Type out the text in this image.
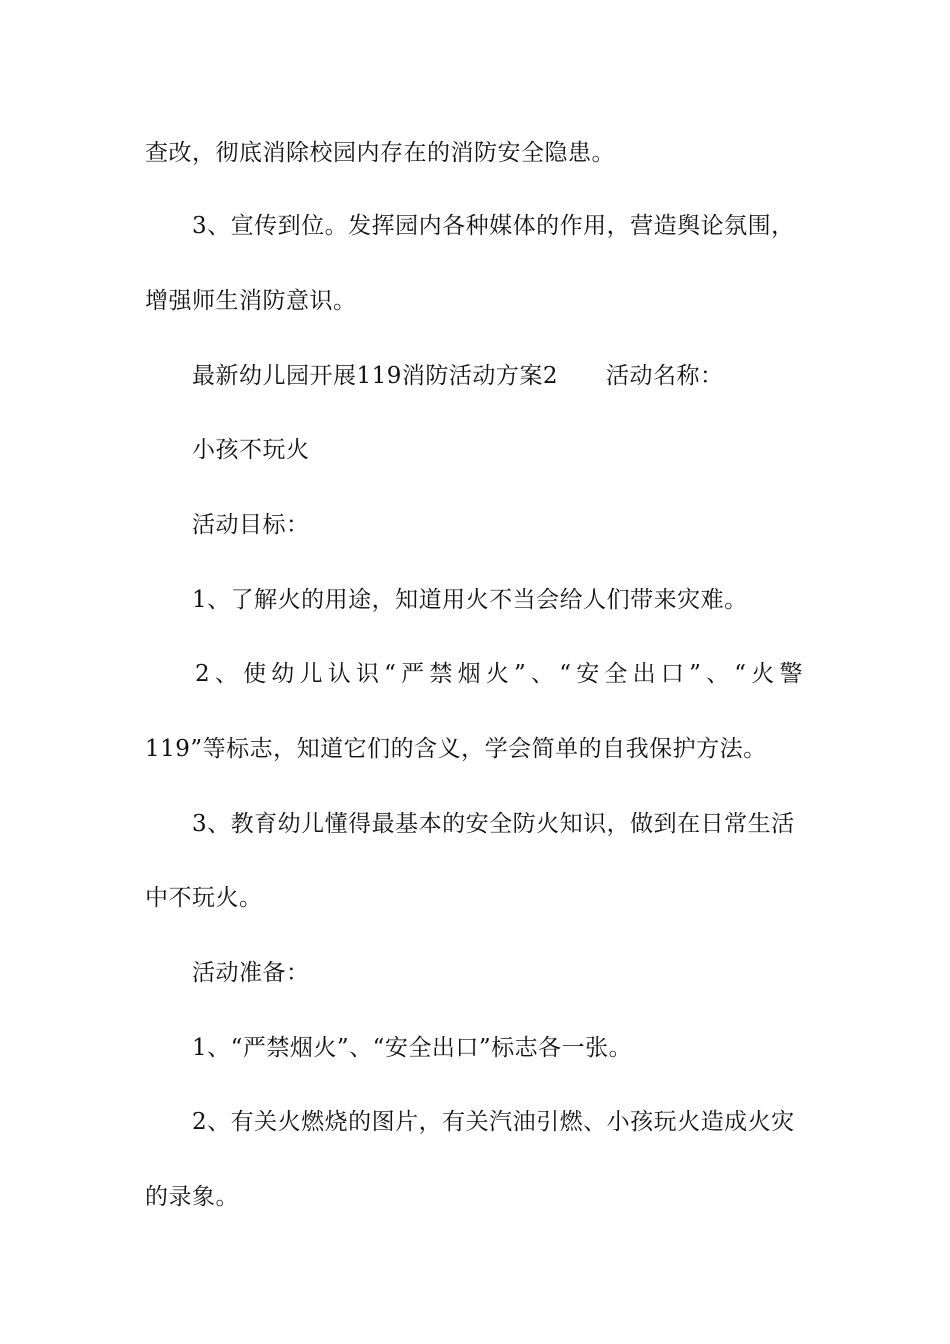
查改，彻底消除校园内存在的消防安全隐患。
3、宣传到位。发挥园内各种媒体的作用，营造舆论氛围，
增强师生消防意识。
最新幼儿园开展119消防活动方案2 活动名称：
小孩不玩火
活动目标：
1、了解火的用途，知道用火不当会给人们带来灾难。
2、使幼儿认识“严禁烟火”、“安全出口”、“火警
119”等标志，知道它们的含义，学会简单的自我保护方法。
3、教育幼儿懂得最基本的安全防火知识，做到在日常生活
中不玩火。
活动准备：
1、“严禁烟火”、“安全出口”标志各一张。
2、有关火燃烧的图片，有关汽油引燃、小孩玩火造成火灾
的录象。
